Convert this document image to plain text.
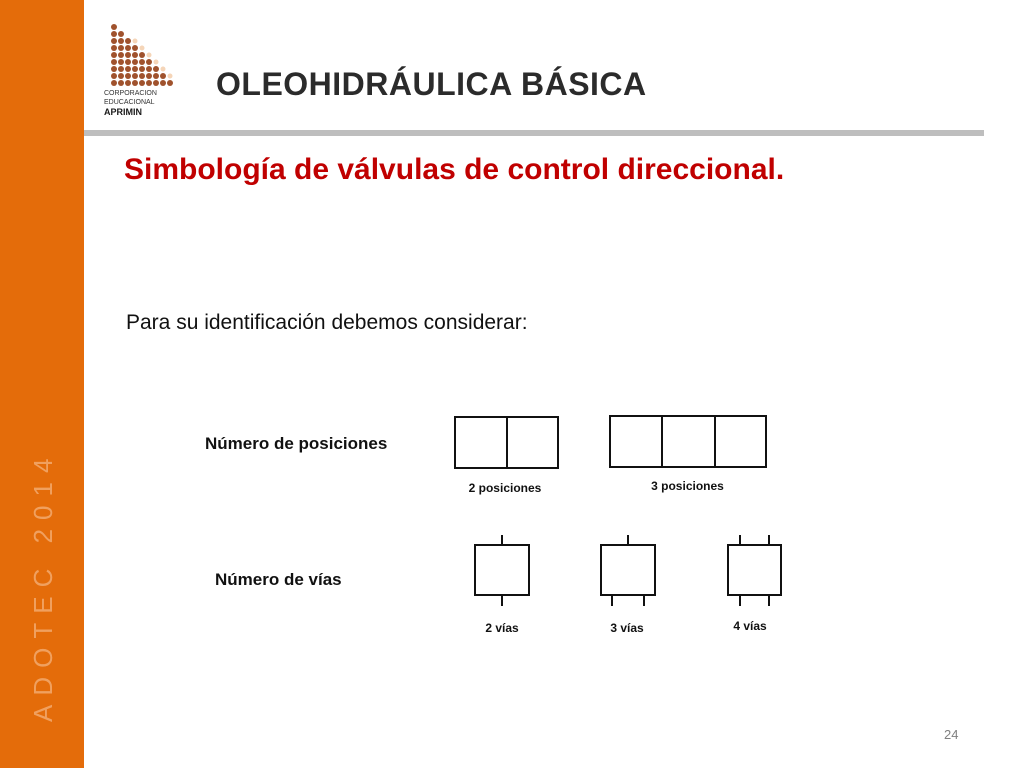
ADOTEC 2014
CORPORACION
EDUCACIONAL
APRIMIN
OLEOHIDRÁULICA BÁSICA
Simbología de válvulas de control direccional.
Para su identificación debemos considerar:
Número de posiciones
Número de vías
2 posiciones	3 posiciones
2 vías	3 vías	4 vías
24
